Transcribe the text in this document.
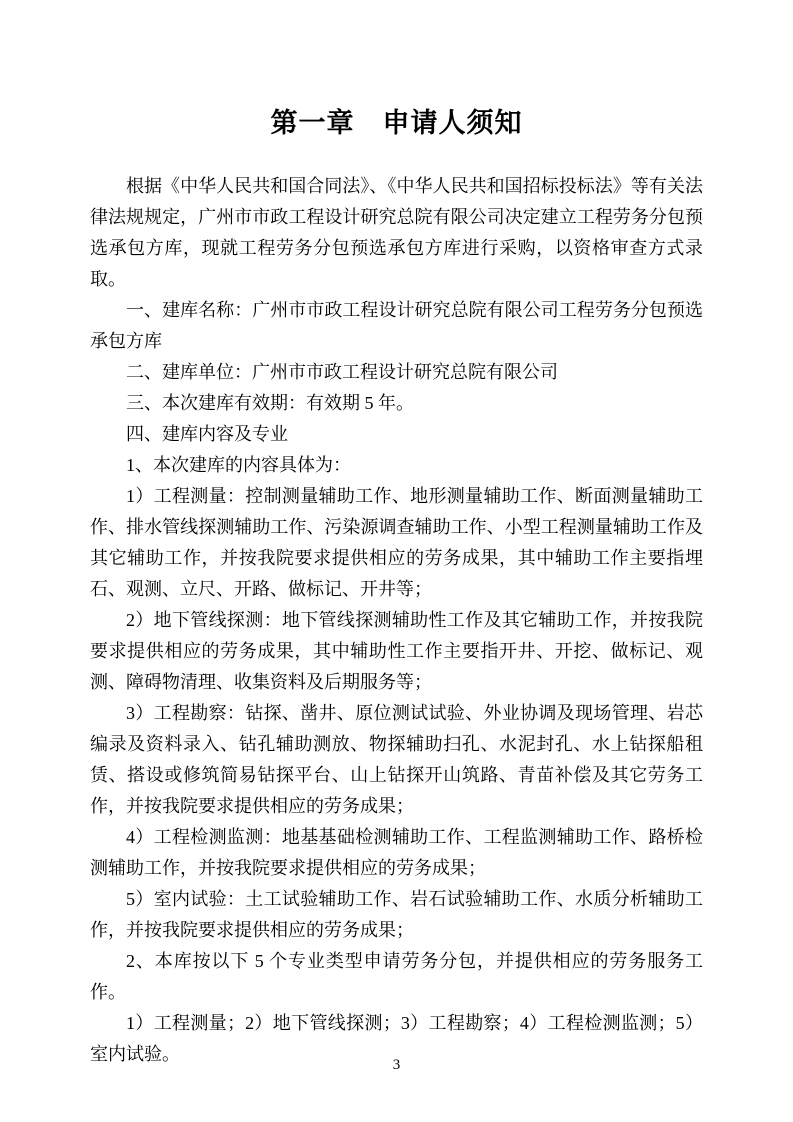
第一章　申请人须知

根据《中华人民共和国合同法》、《中华人民共和国招标投标法》等有关法律法规规定，广州市市政工程设计研究总院有限公司决定建立工程劳务分包预选承包方库，现就工程劳务分包预选承包方库进行采购，以资格审查方式录取。

一、建库名称：广州市市政工程设计研究总院有限公司工程劳务分包预选承包方库

二、建库单位：广州市市政工程设计研究总院有限公司

三、本次建库有效期：有效期 5 年。

四、建库内容及专业

1、本次建库的内容具体为：

1）工程测量：控制测量辅助工作、地形测量辅助工作、断面测量辅助工作、排水管线探测辅助工作、污染源调查辅助工作、小型工程测量辅助工作及其它辅助工作，并按我院要求提供相应的劳务成果，其中辅助工作主要指埋石、观测、立尺、开路、做标记、开井等；

2）地下管线探测：地下管线探测辅助性工作及其它辅助工作，并按我院要求提供相应的劳务成果，其中辅助性工作主要指开井、开挖、做标记、观测、障碍物清理、收集资料及后期服务等；

3）工程勘察：钻探、凿井、原位测试试验、外业协调及现场管理、岩芯编录及资料录入、钻孔辅助测放、物探辅助扫孔、水泥封孔、水上钻探船租赁、搭设或修筑简易钻探平台、山上钻探开山筑路、青苗补偿及其它劳务工作，并按我院要求提供相应的劳务成果；

4）工程检测监测：地基基础检测辅助工作、工程监测辅助工作、路桥检测辅助工作，并按我院要求提供相应的劳务成果；

5）室内试验：土工试验辅助工作、岩石试验辅助工作、水质分析辅助工作，并按我院要求提供相应的劳务成果；

2、本库按以下 5 个专业类型申请劳务分包，并提供相应的劳务服务工作。

1）工程测量；2）地下管线探测；3）工程勘察；4）工程检测监测；5）室内试验。

3
